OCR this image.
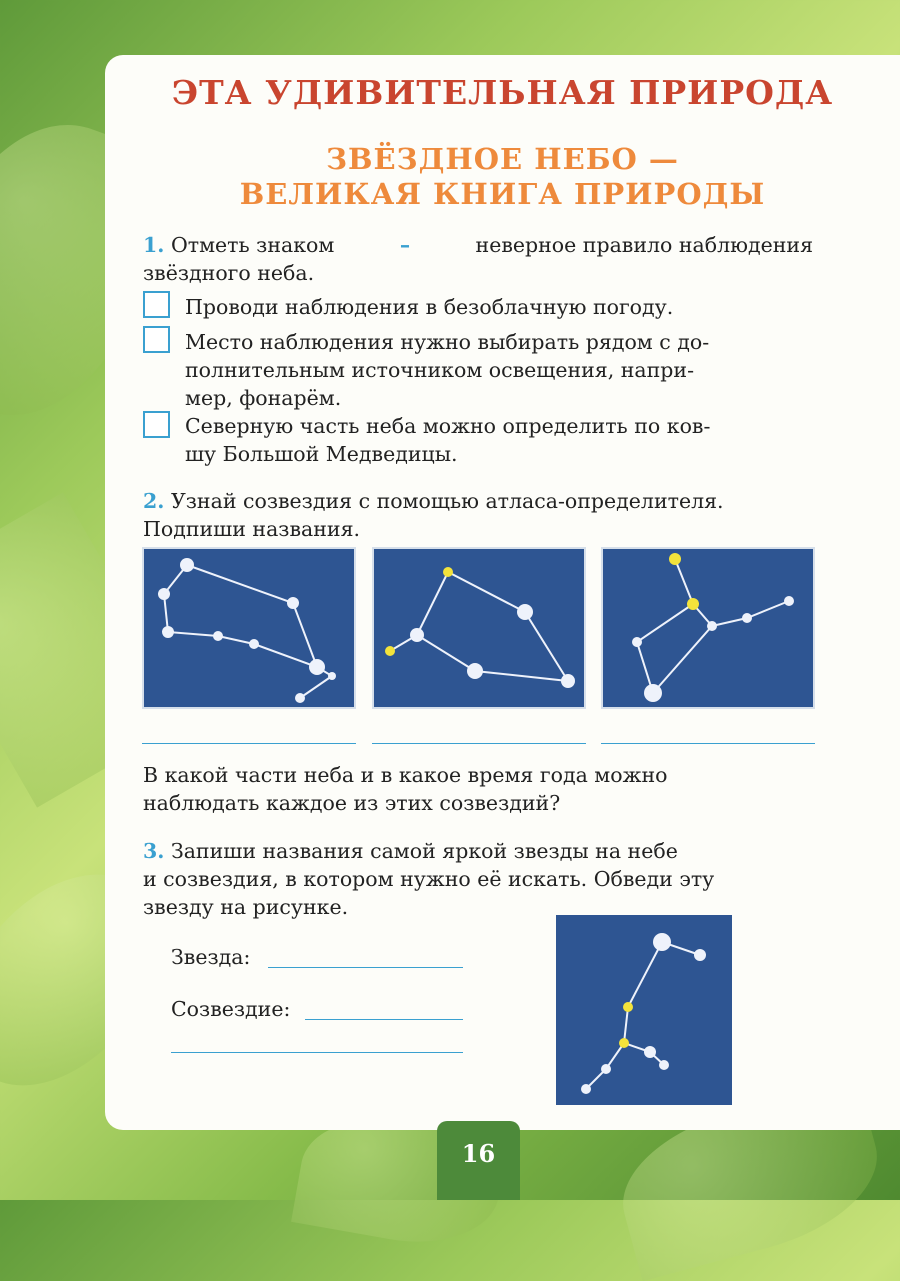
ЭТА УДИВИТЕЛЬНАЯ ПРИРОДА
ЗВЁЗДНОЕ НЕБО —
ВЕЛИКАЯ КНИГА ПРИРОДЫ
1. Отметь знаком	–	неверное правило наблюдения
звёздного неба.
Проводи наблюдения в безоблачную погоду.
Место наблюдения нужно выбирать рядом с до-
полнительным источником освещения, напри-
мер, фонарём.
Северную часть неба можно определить по ков-
шу Большой Медведицы.
2. Узнай созвездия с помощью атласа-определителя.
Подпиши названия.
В какой части неба и в какое время года можно
наблюдать каждое из этих созвездий?
3. Запиши названия самой яркой звезды на небе
и созвездия, в котором нужно её искать. Обведи эту
звезду на рисунке.
Звезда:
Созвездие:
16
